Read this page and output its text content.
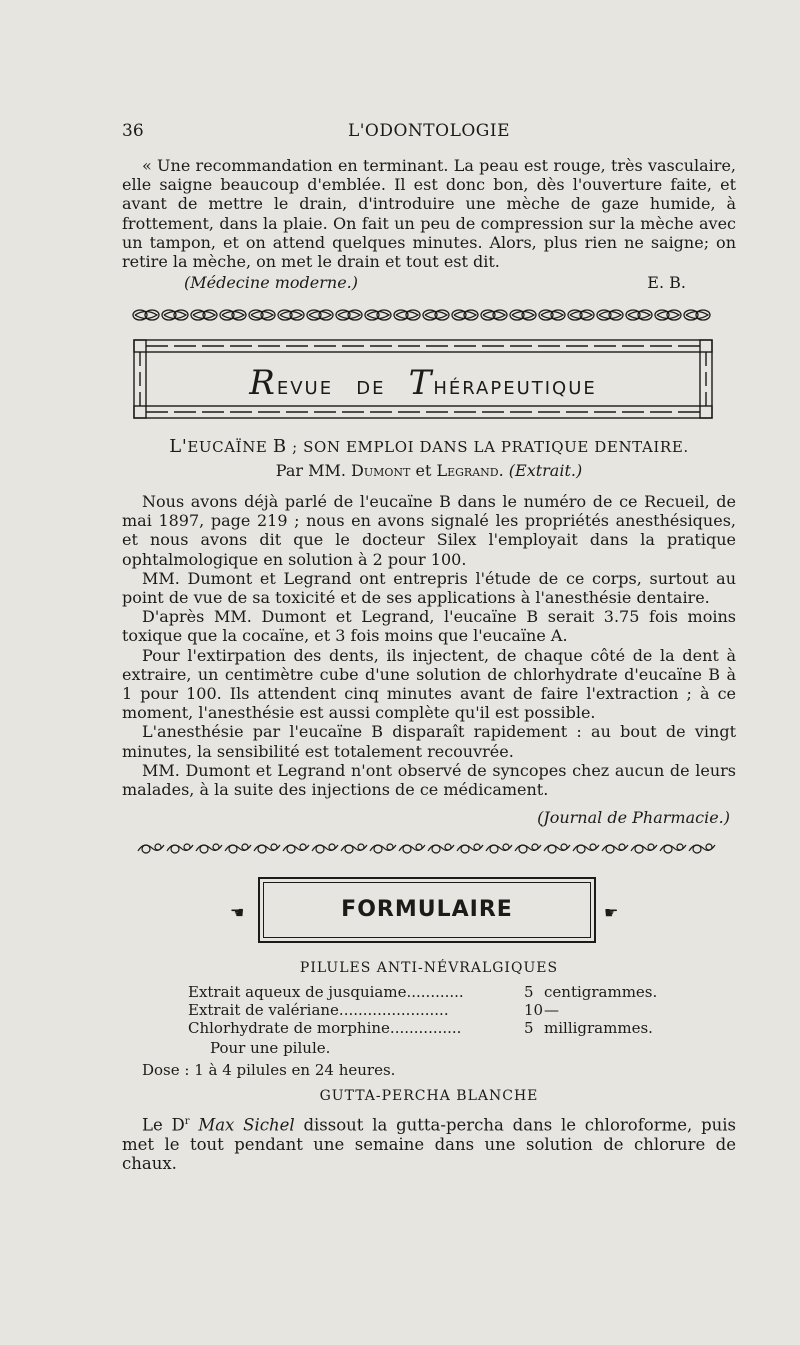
36	L'ODONTOLOGIE

« Une recommandation en terminant. La peau est rouge, très vasculaire, elle saigne beaucoup d'emblée. Il est donc bon, dès l'ouverture faite, et avant de mettre le drain, d'introduire une mèche de gaze humide, à frottement, dans la plaie. On fait un peu de compression sur la mèche avec un tampon, et on attend quelques minutes. Alors, plus rien ne saigne; on retire la mèche, on met le drain et tout est dit.

(Médecine moderne.)	E. B.
REVUE DE THÉRAPEUTIQUE
L'EUCAÏNE B ; SON EMPLOI DANS LA PRATIQUE DENTAIRE.
Par MM. Dumont et Legrand. (Extrait.)

Nous avons déjà parlé de l'eucaïne B dans le numéro de ce Recueil, de mai 1897, page 219 ; nous en avons signalé les propriétés anesthésiques, et nous avons dit que le docteur Silex l'employait dans la pratique ophtalmologique en solution à 2 pour 100.

MM. Dumont et Legrand ont entrepris l'étude de ce corps, surtout au point de vue de sa toxicité et de ses applications à l'anesthésie dentaire.

D'après MM. Dumont et Legrand, l'eucaïne B serait 3.75 fois moins toxique que la cocaïne, et 3 fois moins que l'eucaïne A.

Pour l'extirpation des dents, ils injectent, de chaque côté de la dent à extraire, un centimètre cube d'une solution de chlorhydrate d'eucaïne B à 1 pour 100. Ils attendent cinq minutes avant de faire l'extraction ; à ce moment, l'anesthésie est aussi complète qu'il est possible.

L'anesthésie par l'eucaïne B disparaît rapidement : au bout de vingt minutes, la sensibilité est totalement recouvrée.

MM. Dumont et Legrand n'ont observé de syncopes chez aucun de leurs malades, à la suite des injections de ce médicament.

(Journal de Pharmacie.)
☚	FORMULAIRE	☛
PILULES ANTI-NÉVRALGIQUES
Extrait aqueux de jusquiame............	5 centigrammes.
Extrait de valériane.......................	10 —
Chlorhydrate de morphine...............	5 milligrammes.
Pour une pilule.
Dose : 1 à 4 pilules en 24 heures.
GUTTA-PERCHA BLANCHE

Le $D^r$ Max Sichel dissout la gutta-percha dans le chloroforme, puis met le tout pendant une semaine dans une solution de chlorure de chaux.
